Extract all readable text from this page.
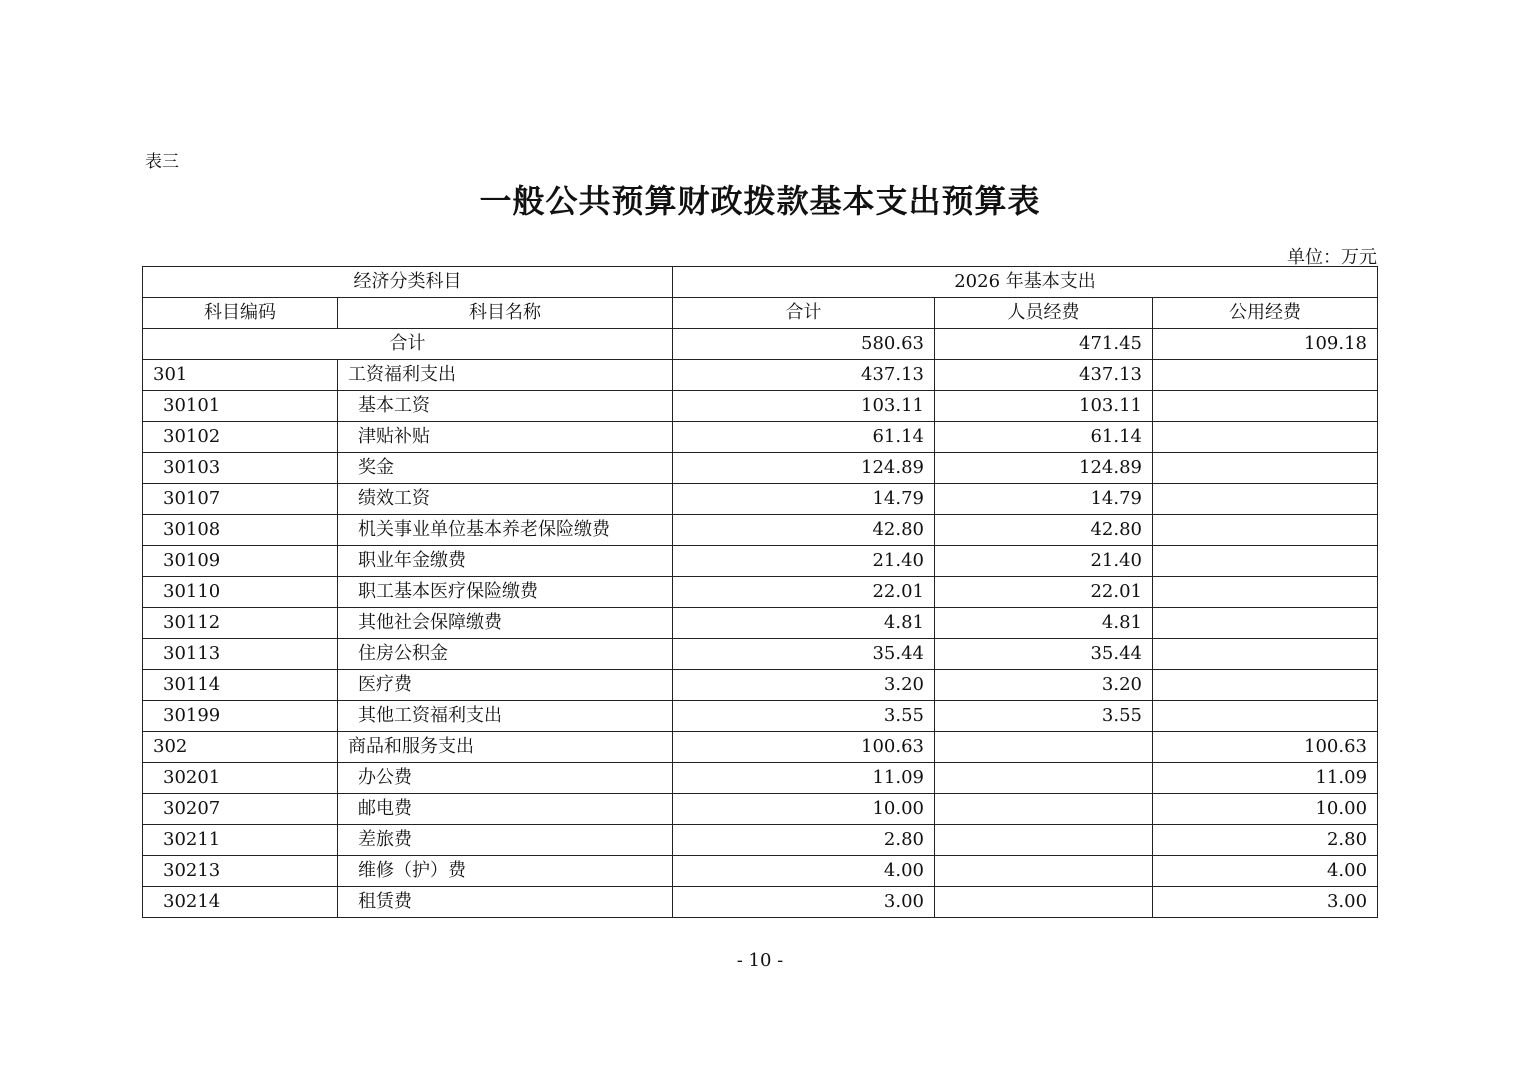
表三
一般公共预算财政拨款基本支出预算表
单位：万元
经济分类科目		2026 年基本支出		
科目编码	科目名称	合计	人员经费	公用经费
合计		580.63	471.45	109.18
301	工资福利支出	437.13	437.13	
30101	基本工资	103.11	103.11	
30102	津贴补贴	61.14	61.14	
30103	奖金	124.89	124.89	
30107	绩效工资	14.79	14.79	
30108	机关事业单位基本养老保险缴费	42.80	42.80	
30109	职业年金缴费	21.40	21.40	
30110	职工基本医疗保险缴费	22.01	22.01	
30112	其他社会保障缴费	4.81	4.81	
30113	住房公积金	35.44	35.44	
30114	医疗费	3.20	3.20	
30199	其他工资福利支出	3.55	3.55	
302	商品和服务支出	100.63		100.63
30201	办公费	11.09		11.09
30207	邮电费	10.00		10.00
30211	差旅费	2.80		2.80
30213	维修（护）费	4.00		4.00
30214	租赁费	3.00		3.00
- 10 -
